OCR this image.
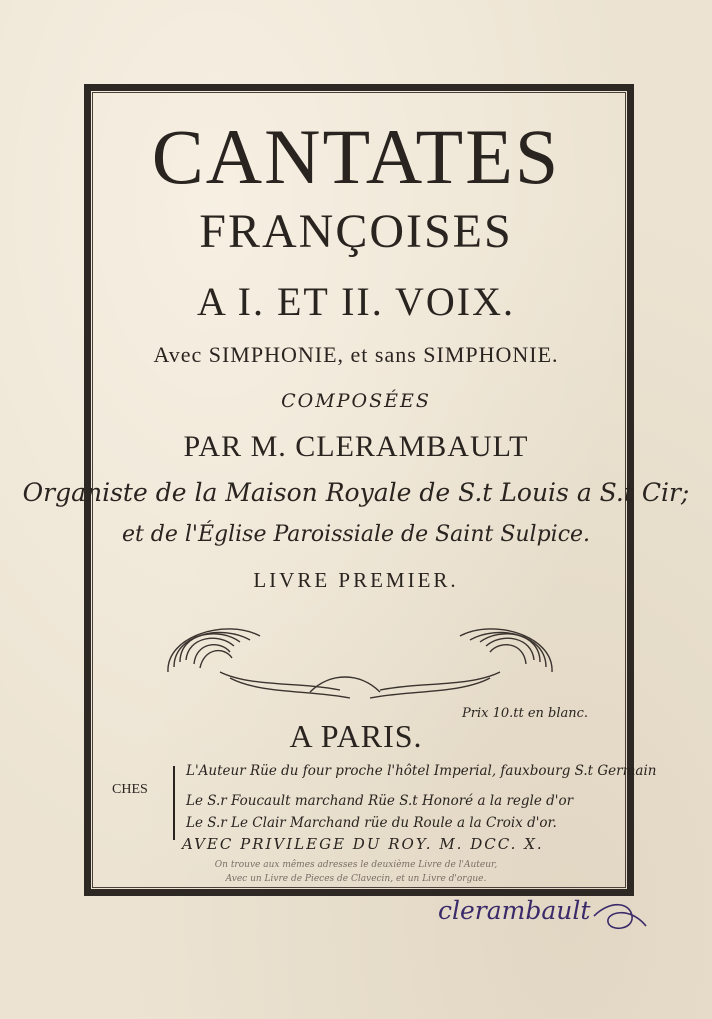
CANTATES
FRANÇOISES
A I. ET II. VOIX.
Avec SIMPHONIE, et sans SIMPHONIE.
COMPOSÉES
PAR M. CLERAMBAULT
Organiste de la Maison Royale de S.t Louis a S.t Cir;
et de l'Église Paroissiale de Saint Sulpice.
LIVRE PREMIER.
Prix 10.tt en blanc.
A PARIS.
CHES
L'Auteur Rüe du four proche l'hôtel Imperial, fauxbourg S.t Germain
Le S.r Foucault marchand Rüe S.t Honoré a la regle d'or
Le S.r Le Clair Marchand rüe du Roule a la Croix d'or.
AVEC PRIVILEGE DU ROY. M. DCC. X.
On trouve aux mêmes adresses le deuxième Livre de l'Auteur,
Avec un Livre de Pieces de Clavecin, et un Livre d'orgue.
clerambault
